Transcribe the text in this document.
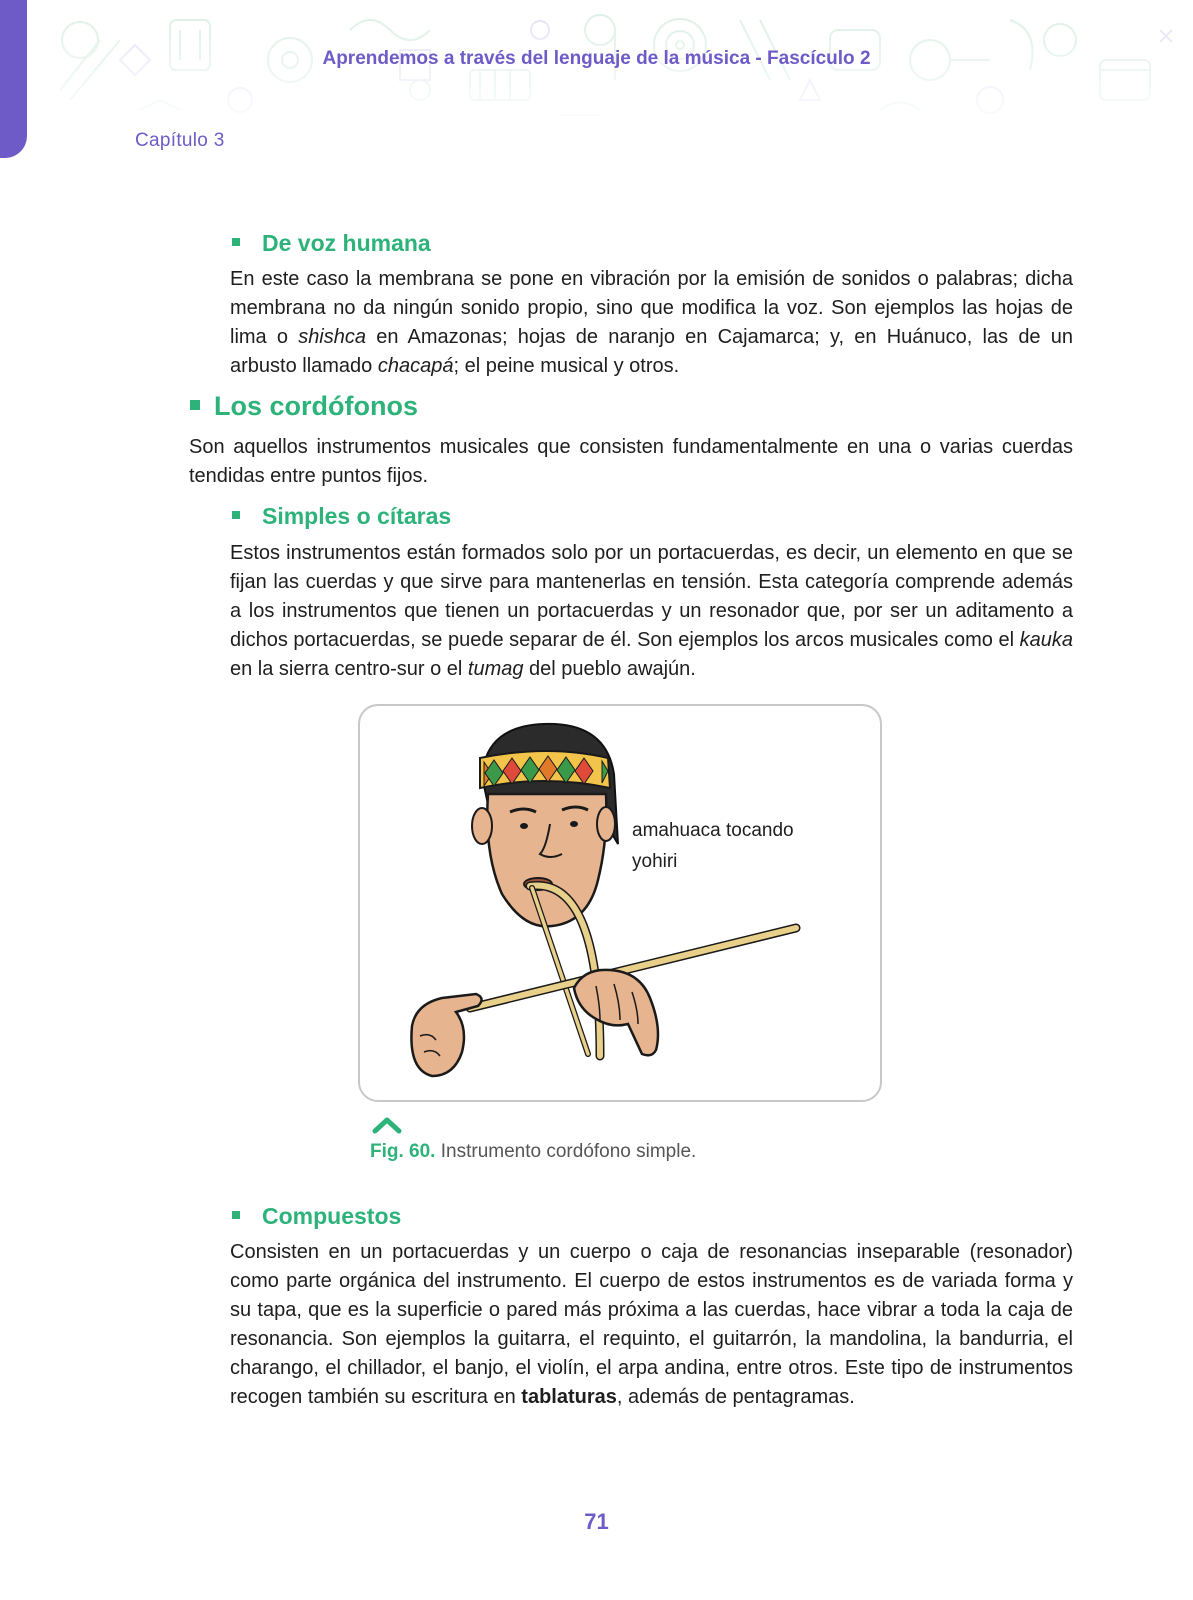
Aprendemos a través del lenguaje de la música - Fascículo 2
Capítulo 3
De voz humana
En este caso la membrana se pone en vibración por la emisión de sonidos o palabras; dicha membrana no da ningún sonido propio, sino que modifica la voz. Son ejemplos las hojas de lima o shishca en Amazonas; hojas de naranjo en Cajamarca; y, en Huánuco, las de un arbusto llamado chacapá; el peine musical y otros.
Los cordófonos
Son aquellos instrumentos musicales que consisten fundamentalmente en una o varias cuerdas tendidas entre puntos fijos.
Simples o cítaras
Estos instrumentos están formados solo por un portacuerdas, es decir, un elemento en que se fijan las cuerdas y que sirve para mantenerlas en tensión. Esta categoría comprende además a los instrumentos que tienen un portacuerdas y un resonador que, por ser un aditamento a dichos portacuerdas, se puede separar de él. Son ejemplos los arcos musicales como el kauka en la sierra centro-sur o el tumag del pueblo awajún.
amahuaca tocando
yohiri
Fig. 60. Instrumento cordófono simple.
Compuestos
Consisten en un portacuerdas y un cuerpo o caja de resonancias inseparable (resonador) como parte orgánica del instrumento. El cuerpo de estos instrumentos es de variada forma y su tapa, que es la superficie o pared más próxima a las cuerdas, hace vibrar a toda la caja de resonancia. Son ejemplos la guitarra, el requinto, el guitarrón, la mandolina, la bandurria, el charango, el chillador, el banjo, el violín, el arpa andina, entre otros. Este tipo de instrumentos recogen también su escritura en tablaturas, además de pentagramas.
71
